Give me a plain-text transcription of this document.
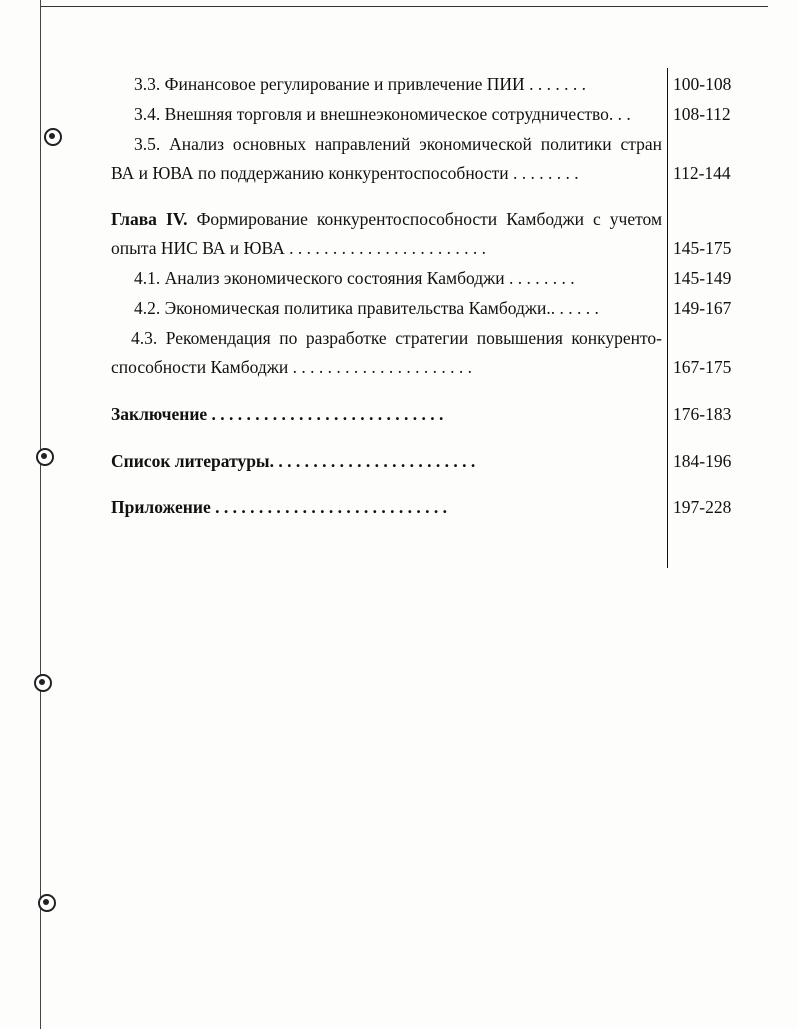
3.3. Финансовое регулирование и привлечение ПИИ . . . . . . .	100-108
3.4. Внешняя торговля и внешнеэкономическое сотрудничество. . .	108-112
3.5. Анализ основных направлений экономической политики стран
ВА и ЮВА по поддержанию конкурентоспособности . . . . . . . .	112-144
Глава IV. Формирование конкурентоспособности Камбоджи с учетом
опыта НИС ВА и ЮВА . . . . . . . . . . . . . . . . . . . . . . .	145-175
4.1. Анализ экономического состояния Камбоджи . . . . . . . .	145-149
4.2. Экономическая политика правительства Камбоджи.. . . . . .	149-167
4.3. Рекомендация по разработке стратегии повышения конкуренто-
способности Камбоджи . . . . . . . . . . . . . . . . . . . . .	167-175
Заключение . . . . . . . . . . . . . . . . . . . . . . . . . . .	176-183
Список литературы. . . . . . . . . . . . . . . . . . . . . . . .	184-196
Приложение . . . . . . . . . . . . . . . . . . . . . . . . . . .	197-228
